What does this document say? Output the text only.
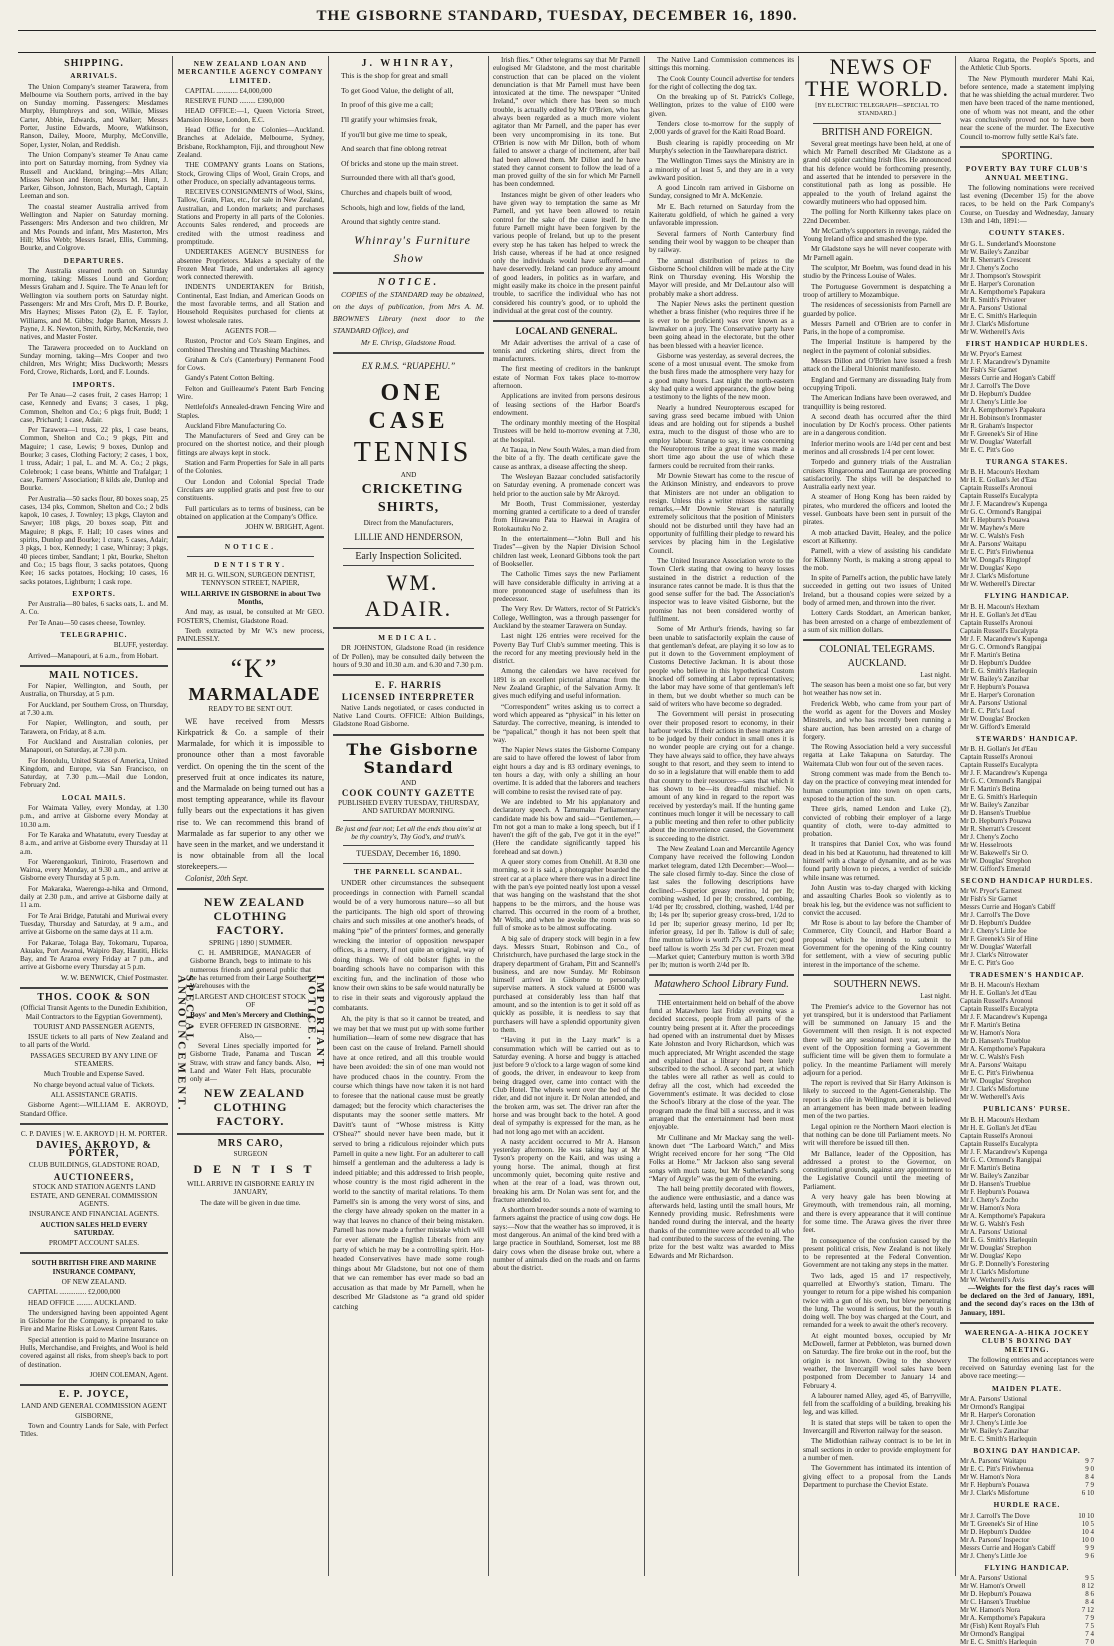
THE GISBORNE STANDARD, TUESDAY, DECEMBER 16, 1890.

SHIPPING.

ARRIVALS.

The Union Company's steamer Tarawera, from Melbourne via Southern ports, arrived in the bay on Sunday morning. Passengers: Mesdames Murphy, Humphreys and son, Wilkie, Misses Carter, Abbie, Edwards, and Walker; Messrs Porter, Justine Edwards, Moore, Watkinson, Ranson, Dailey, Moore, Murphy, McConville, Soper, Lyster, Nolan, and Reddish.

The Union Company's steamer Te Anau came into port on Saturday morning, from Sydney via Russell and Auckland, bringing:—Mrs Allan; Misses Nelson and Heron; Messrs M. Hunt, J. Parker, Gibson, Johnston, Bach, Murtagh, Captain Leeman and son.

The coastal steamer Australia arrived from Wellington and Napier on Saturday morning. Passengers: Mrs Anderson and two children, Mr and Mrs Pounds and infant, Mrs Masterton, Mrs Hill; Miss Webb; Messrs Israel, Ellis, Cumming, Bourke, and Colgrove.

DEPARTURES.

The Australia steamed north on Saturday morning, taking: Misses Lound and Gordon; Messrs Graham and J. Squire. The Te Anau left for Wellington via southern ports on Saturday night. Passengers: Mr and Mrs Croft, Mrs D. P. Bourke, Mrs Haynes; Misses Paton (2), E. F. Taylor, Williams, and M. Gibbs; Judge Barton, Messrs J. Payne, J. K. Newton, Smith, Kirby, McKenzie, two natives, and Master Foster.

The Tarawera proceeded on to Auckland on Sunday morning, taking—Mrs Cooper and two children, Mrs Wright; Miss Duckworth; Messrs Ford, Crowe, Richards, Lord, and F. Lounds.

IMPORTS.

Per Te Anau—2 cases fruit, 2 cases Harrop; 1 case, Kennedy and Evans; 3 cases, 1 pkg, Common, Shelton and Co.; 6 pkgs fruit, Budd; 1 case, Prichard; 1 case, Adair.

Per Tarawera—1 truss, 22 pks, 1 case beans, Common, Shelton and Co.; 9 pkgs, Pitt and Maguire; 1 case, Lewis; 9 boxes, Dunlop and Bourke; 3 cases, Clothing Factory; 2 cases, 1 box, 1 truss, Adair; 1 pal, L. and M. A. Co.; 2 pkgs, Colebrook; 1 case beans, Whittle and Trafalgar; 1 case, Farmers' Association; 8 kilds ale, Dunlop and Bourke.

Per Australia—50 sacks flour, 80 boxes soap, 25 cases, 134 pks, Common, Shelton and Co.; 2 bdls kapok, 10 cases, J. Townley; 13 pkgs, Clayton and Sawyer; 108 pkgs, 20 boxes soap, Pitt and Maguire; 8 pkgs, F. Hall; 10 cases wines and spirits, Dunlop and Bourke; 1 crate, 5 cases, Adair; 3 pkgs, 1 box, Kennedy; 1 case, Whinray; 3 pkgs, 40 pieces timber, Sandlant; 1 pkt, Bourke, Shelton and Co.; 15 bags flour, 3 sacks potatoes, Quong Kee; 16 sacks potatoes, Hocking; 10 cases, 16 sacks potatoes, Lightburn; 1 cask rope.

EXPORTS.

Per Australia—80 bales, 6 sacks oats, L. and M. A. Co.

Per Te Anau—50 cases cheese, Townley.

TELEGRAPHIC.

BLUFF, yesterday.

Arrived—Manapouri, at 6 a.m., from Hobart.

MAIL NOTICES.

For Napier, Wellington, and South, per Australia, on Thursday, at 5 p.m.

For Auckland, per Southern Cross, on Thursday, at 7.30 a.m.

For Napier, Wellington, and south, per Tarawera, on Friday, at 8 a.m.

For Auckland and Australian colonies, per Manapouri, on Saturday, at 7.30 p.m.

For Honolulu, United States of America, United Kingdom, and Europe, via San Francisco, on Saturday, at 7.30 p.m.—Mail due London, February 2nd.

LOCAL MAILS.

For Waimata Valley, every Monday, at 1.30 p.m., and arrive at Gisborne every Monday at 10.30 a.m.

For Te Karaka and Whatatutu, every Tuesday at 8 a.m., and arrive at Gisborne every Thursday at 11 a.m.

For Waerengaokuri, Tiniroto, Frasertown and Wairoa, every Monday, at 9.30 a.m., and arrive at Gisborne every Thursday at 5 p.m.

For Makaraka, Waerenga-a-hika and Ormond, daily at 2.30 p.m., and arrive at Gisborne daily at 11 a.m.

For Te Arai Bridge, Patutahi and Muriwai every Tuesday, Thursday and Saturday, at 9 a.m., and arrive at Gisborne on the same days at 11 a.m.

For Pakarae, Tolaga Bay, Tokomaru, Tuparoa, Akuaku, Port Awanui, Waipiro Bay, Hautiti, Hicks Bay, and Te Araroa every Friday at 7 p.m., and arrive at Gisborne every Thursday at 5 p.m.

W. W. BENWICK, Chief Postmaster.

THOS. COOK & SON

(Official Transit Agents to the Dunedin Exhibition, Mail Contractors to the Egyptian Government),

TOURIST AND PASSENGER AGENTS,

ISSUE tickets to all parts of New Zealand and to all parts of the World.

PASSAGES SECURED BY ANY LINE OF STEAMERS.

Much Trouble and Expense Saved.

No charge beyond actual value of Tickets.

ALL ASSISTANCE GRATIS.

Gisborne Agent:—WILLIAM E. AKROYD, Standard Office.

C. P. DAVIES | W. E. AKROYD | H. M. PORTER.

DAVIES, AKROYD, & PORTER,

CLUB BUILDINGS, GLADSTONE ROAD,

AUCTIONEERS,

STOCK AND STATION AGENTS LAND ESTATE, AND GENERAL COMMISSION AGENTS.

INSURANCE AND FINANCIAL AGENTS.

AUCTION SALES HELD EVERY SATURDAY.

PROMPT ACCOUNT SALES.

SOUTH BRITISH FIRE AND MARINE INSURANCE COMPANY,

OF NEW ZEALAND.

CAPITAL ............... £2,000,000

HEAD OFFICE ......... AUCKLAND.

The undersigned having been appointed Agent in Gisborne for the Company, is prepared to take Fire and Marine Risks at Lowest Current Rates.

Special attention is paid to Marine Insurance on Hulls, Merchandise, and Freights, and Wool is held covered against all risks, from sheep's back to port of destination.

JOHN COLEMAN, Agent.

E. P. JOYCE,

LAND AND GENERAL COMMISSION AGENT

GISBORNE,

Town and Country Lands for Sale, with Perfect Titles.

NEW ZEALAND LOAN AND MERCANTILE AGENCY COMPANY LIMITED.

CAPITAL ............ £4,000,000

RESERVE FUND ......... £390,000

HEAD OFFICE:—1, Queen Victoria Street, Mansion House, London, E.C.

Head Office for the Colonies—Auckland. Branches at Adelaide, Melbourne, Sydney, Brisbane, Rockhampton, Fiji, and throughout New Zealand.

THE COMPANY grants Loans on Stations, Stock, Growing Clips of Wool, Grain Crops, and other Produce, on specially advantageous terms.

RECEIVES CONSIGNMENTS of Wool, Skins, Tallow, Grain, Flax, etc., for sale in New Zealand, Australian, and London markets; and purchases Stations and Property in all parts of the Colonies. Accounts Sales rendered, and proceeds are credited with the utmost readiness and promptitude.

UNDERTAKES AGENCY BUSINESS for absentee Proprietors. Makes a specialty of the Frozen Meat Trade, and undertakes all agency work connected therewith.

INDENTS UNDERTAKEN for British, Continental, East Indian, and American Goods on the most favorable terms, and all Station and Household Requisites purchased for clients at lowest wholesale rates.

AGENTS FOR—

Ruston, Proctor and Co's Steam Engines, and combined Threshing and Thrashing Machines.

Graham & Co's (Canterbury) Permanent Food for Cows.

Gandy's Patent Cotton Belting.

Felton and Guilleaume's Patent Barb Fencing Wire.

Nettlefold's Annealed-drawn Fencing Wire and Staples.

Auckland Fibre Manufacturing Co.

The Manufacturers of Seed and Grey can be procured on the shortest notice, and their plough fittings are always kept in stock.

Station and Farm Properties for Sale in all parts of the Colonies.

Our London and Colonial Special Trade Circulars are supplied gratis and post free to our constituents.

Full particulars as to terms of business, can be obtained on application at the Company's Office.

JOHN W. BRIGHT, Agent.

NOTICE.

DENTISTRY.

MR H. G. WILSON, SURGEON DENTIST, TENNYSON STREET, NAPIER,

WILL ARRIVE IN GISBORNE in about Two Months,

And may, as usual, be consulted at Mr GEO. FOSTER'S, Chemist, Gladstone Road.

Teeth extracted by Mr W.'s new process, PAINLESSLY.

“K”

MARMALADE

READY TO BE SENT OUT.

WE have received from Messrs Kirkpatrick & Co. a sample of their Marmalade, for which it is impossible to pronounce other than a most favorable verdict. On opening the tin the scent of the preserved fruit at once indicates its nature, and the Marmalade on being turned out has a most tempting appearance, while its flavour fully bears out the expectations it has given rise to. We can recommend this brand of Marmalade as far superior to any other we have seen in the market, and we understand it is now obtainable from all the local storekeepers.—

Colonist, 20th Sept.

SPECIAL ANNOUNCEMENT.	IMPORTANT NOTICE.

NEW ZEALAND CLOTHING FACTORY.

SPRING | 1890 | SUMMER.

C. H. AMBRIDGE, MANAGER of Gisborne Branch, begs to intimate to his numerous friends and general public that he has returned from their Large Southern Warehouses with the

LARGEST AND CHOICEST STOCK OF

Boys' and Men's Mercery and Clothing

EVER OFFERED IN GISBORNE.

Also,—

Several Lines specially imported for Gisborne Trade, Panama and Tuscan Straw, with straw and fancy bands. Also, Land and Water Felt Hats, procurable only at—

NEW ZEALAND CLOTHING FACTORY.

MRS CARO,

SURGEON

D E N T I S T

WILL ARRIVE IN GISBORNE EARLY IN JANUARY,

The date will be given in due time.

J. WHINRAY,

This is the shop for great and small

To get Good Value, the delight of all,

In proof of this give me a call;

I'll gratify your whimsies freak,

If you'll but give me time to speak,

And search that fine oblong retreat

Of bricks and stone up the main street.

Surrounded there with all that's good,

Churches and chapels built of wood,

Schools, high and low, fields of the land,

Around that sightly centre stand.

Whinray's Furniture Show

NOTICE.

COPIES of the STANDARD may be obtained, on the days of publication, from Mrs A. M. BROWNE'S Library (next door to the STANDARD Office), and

Mr E. Chrisp, Gladstone Road.

EX R.M.S. “RUAPEHU.”

ONE CASE

TENNIS

AND

CRICKETING SHIRTS,

Direct from the Manufacturers,

LILLIE AND HENDERSON,

Early Inspection Solicited.

WM. ADAIR.

MEDICAL.

DR JOHNSTON, Gladstone Road (in residence of Dr Pollen), may be consulted daily between the hours of 9.30 and 10.30 a.m. and 6.30 and 7.30 p.m.

E. F. HARRIS

LICENSED INTERPRETER

Native Lands negotiated, or cases conducted in Native Land Courts. OFFICE: Albion Buildings, Gladstone Road Gisborne.

The Gisborne Standard

AND

COOK COUNTY GAZETTE

PUBLISHED EVERY TUESDAY, THURSDAY, AND SATURDAY MORNING.

Be just and fear not; Let all the ends thou aim'st at be thy country's, Thy God's, and truth's.

TUESDAY, December 16, 1890.

THE PARNELL SCANDAL.

UNDER other circumstances the subsequent proceedings in connection with Parnell scandal would be of a very humorous nature—so all but the participants. The high old sport of throwing chairs and such missiles at one another's heads, of making “pie” of the printers' formes, and generally wrecking the interior of opposition newspaper offices, is a merry, if not quite an original, way of doing things. We of old bolster fights in the boarding schools have no comparison with this exciting fun, and the inclination of those who know their own skins to be safe would naturally be to rise in their seats and vigorously applaud the combatants.

Ah, the pity is that so it cannot be treated, and we may bet that we must put up with some further humiliation—learn of some new disgrace that has been cast on the cause of Ireland. Parnell should have at once retired, and all this trouble would have been avoided: the sin of one man would not have produced chaos in the country. From the course which things have now taken it is not hard to foresee that the national cause must be greatly damaged; but the ferocity which characterises the disputants may the sooner settle matters. Mr Davitt's taunt of “Whose mistress is Kitty O'Shea?” should never have been made, but it served to bring a ridiculous rejoinder which puts Parnell in quite a new light. For an adulterer to call himself a gentleman and the adulteress a lady is indeed pitiable; and this addressed to Irish people, whose country is the most rigid adherent in the world to the sanctity of marital relations. To them Parnell's sin is among the very worst of sins, and the clergy have already spoken on the matter in a way that leaves no chance of their being mistaken. Parnell has now made a further mistake which will for ever alienate the English Liberals from any party of which he may be a controlling spirit. Hot-headed Conservatives have made some rough things about Mr Gladstone, but not one of them that we can remember has ever made so bad an accusation as that made by Mr Parnell, when he described Mr Gladstone as “a grand old spider catching

Irish flies.” Other telegrams say that Mr Parnell eulogised Mr Gladstone, and the most charitable construction that can be placed on the violent denunciation is that Mr Parnell must have been intoxicated at the time. The newspaper “United Ireland,” over which there has been so much trouble, is actually edited by Mr O'Brien, who has always been regarded as a much more violent agitator than Mr Parnell, and the paper has ever been very uncompromising in its tone. But O'Brien is now with Mr Dillon, both of whom failed to answer a charge of incitement, after bail had been allowed them. Mr Dillon and he have stated they cannot consent to follow the lead of a man proved guilty of the sin for which Mr Parnell has been condemned.

Instances might be given of other leaders who have given way to temptation the same as Mr Parnell, and yet have been allowed to retain control for the sake of the cause itself. In the future Parnell might have been forgiven by the various people of Ireland, but up to the present every step he has taken has helped to wreck the Irish cause, whereas if he had at once resigned only the individuals would have suffered—and have deservedly. Ireland can produce any amount of good leaders, in politics as in warfare, and might easily make its choice in the present painful trouble, to sacrifice the individual who has not considered his country's good, or to uphold the individual at the great cost of the country.

LOCAL AND GENERAL.

Mr Adair advertises the arrival of a case of tennis and cricketing shirts, direct from the manufacturers.

The first meeting of creditors in the bankrupt estate of Norman Fox takes place to-morrow afternoon.

Applications are invited from persons desirous of leasing sections of the Harbor Board's endowment.

The ordinary monthly meeting of the Hospital Trustees will be held to-morrow evening at 7.30, at the hospital.

At Tauaa, in New South Wales, a man died from the bite of a fly. The death certificate gave the cause as anthrax, a disease affecting the sheep.

The Wesleyan Bazaar concluded satisfactorily on Saturday evening. A promenade concert was held prior to the auction sale by Mr Akroyd.

Mr Booth, Trust Commissioner, yesterday morning granted a certificate to a deed of transfer from Hirawanu Pata to Haewai in Aragira of Rotokautuku No 2.

In the entertainment—“John Bull and his Trades”—given by the Napier Division School children last week, Leonard Gibbons took the part of Bookseller.

The Catholic Times says the new Parliament will have considerable difficulty in arriving at a more pronounced stage of usefulness than its predecessor.

The Very Rev. Dr Watters, rector of St Patrick's College, Wellington, was a through passenger for Auckland by the steamer Tarawera on Sunday.

Last night 126 entries were received for the Poverty Bay Turf Club's summer meeting. This is the record for any meeting previously held in the district.

Among the calendars we have received for 1891 is an excellent pictorial almanac from the New Zealand Graphic, of the Salvation Army. It gives much edifying and useful information.

“Correspondent” writes asking us to correct a word which appeared as “physical” in his letter on Saturday. The corrective, meaning, is intended to be “papalical,” though it has not been spelt that way.

The Napier News states the Gisborne Company are said to have offered the lowest of labor from eight hours a day and is 83 ordinary evenings, to ten hours a day, with only a shilling an hour overtime. It is added that the laborers and teachers will combine to resist the revised rate of pay.

We are indebted to Mr his applanatory and declaratory speech. A Tamumaku Parliamentary candidate made his bow and said—“Gentlemen,—I'm not got a man to make a long speech, but if I haven't the gift of the gab, I've got it in the eye!” (Here the candidate significantly tapped his forehead and sat down.)

A queer story comes from Onehill. At 8.30 one morning, so it is said, a photographer boarded the street car at a place where there was in a direct line with the pan's eye pointed neatly lost upon a vessel that was hanging on the washstand that the shot happens to be the mirrors, and the house was charred. This occurred in the room of a brother, Mr Wells, and when he awoke the room was so full of smoke as to be almost suffocating.

A big sale of drapery stock will begin in a few days. Messrs Stuart, Robinson and Co., of Christchurch, have purchased the large stock in the drapery department of Graham, Pitt and Scannell's business, and are now Sunday. Mr Robinson himself arrived in Gisborne to personally supervise matters. A stock valued at £6000 was purchased at considerably less than half that amount, and so the intention is to get it sold off as quickly as possible, it is needless to say that purchasers will have a splendid opportunity given to them.

“Having it put in the Lazy mark” is a consummation which will be carried out as to Saturday evening. A horse and buggy is attached just before 9 o'clock to a large wagon of some kind of goods, the driver, in endeavour to keep from being dragged over, came into contact with the Club Hotel. The wheels went over the bed of the rider, and did not injure it. Dr Nolan attended, and the broken arm, was set. The driver ran after the horse and was brought back to the hotel. A good deal of sympathy is expressed for the man, as he had not long ago met with an accident.

A nasty accident occurred to Mr A. Hanson yesterday afternoon. He was taking hay at Mr Tyson's property on the Kaiti, and was using a young horse. The animal, though at first uncommonly quiet, becoming quite restive and when at the rear of a load, was thrown out, breaking his arm. Dr Nolan was sent for, and the fracture attended to.

A shorthorn breeder sounds a note of warning to farmers against the practice of using cow dogs. He says:—Now that the weather has so improved, it is most dangerous. An animal of the kind bred with a large practice in Southland, Somerset, lost me 88 dairy cows when the disease broke out, where a number of animals died on the roads and on farms about the district.

The Native Land Commission commences its sittings this morning.

The Cook County Council advertise for tenders for the right of collecting the dog tax.

On the breaking up of St. Patrick's College, Wellington, prizes to the value of £100 were given.

Tenders close to-morrow for the supply of 2,000 yards of gravel for the Kaiti Road Board.

Bush clearing is rapidly proceeding on Mr Murphy's selection in the Tauwharepara district.

The Wellington Times says the Ministry are in a minority of at least 5, and they are in a very awkward position.

A good Lincoln ram arrived in Gisborne on Sunday, consigned to Mr A. McKenzie.

Mr E. Bach returned on Saturday from the Kaiteratu goldfield, of which he gained a very unfavorable impression.

Several farmers of North Canterbury find sending their wool by waggon to be cheaper than by railway.

The annual distribution of prizes to the Gisborne School children will be made at the City Rink on Thursday evening. His Worship the Mayor will preside, and Mr DeLautour also will probably make a short address.

The Napier News asks the pertinent question whether a brass finisher (who requires three if he is ever to be proficient) was ever known as a lawmaker on a jury. The Conservative party have been going ahead in the electorate, but the other has been blessed with a heavier licence.

Gisborne was yesterday, as several decrees, the scene of a most unusual event. The smoke from the bush fires made the atmosphere very hazy for a good many hours. Last night the north-eastern sky had quite a weird appearance, the glow being a testimony to the lights of the new moon.

Nearly a hundred Neuropterous escaped for saving grass seed became imbued with Union ideas and are holding out for stipends a bushel extra, much to the disgust of those who are to employ labour. Strange to say, it was concerning the Neuropterous tribe a great time was made a short time ago about the use of which these farmers could be recruited from their ranks.

Mr Downie Stewart has come to the rescue of the Atkinson Ministry, and endeavors to prove that Ministers are not under an obligation to resign. Unless this a writer misses the startling remarks,—Mr Downie Stewart is naturally extremely solicitous that the position of Ministers should not be disturbed until they have had an opportunity of fulfilling their pledge to reward his services by placing him in the Legislative Council.

The United Insurance Association wrote to the Town Clerk stating that owing to heavy losses sustained in the district a reduction of the insurance rates cannot be made. It is thus that the good sense suffer for the bad. The Association's inspector was to leave visited Gisborne, but the promise has not been considered worthy of fulfilment.

Some of Mr Arthur's friends, having so far been unable to satisfactorily explain the cause of that gentleman's defeat, are playing it so low as to put it down to the Government employment of Customs Detective Jackman. It is about those people who believe in this hypothetical Custom knocked off something at Labor representatives; the labor may have some of that gentleman's left in them, but we doubt whether so much can be said of writers who have become so degraded.

The Government will persist in prosecuting over their proposed resort to economy, in their harbour works. If their actions in these matters are to be judged by their conduct in small ones it is no wonder people are crying out for a change. They have always said to office, they have always sought to that resort, and they seem to intend to do so in a legislature that will enable them to add that country to their resources—sans that which it has shown to be—its dreadful mischief. No amount of any kind in regard to the report was received by yesterday's mail. If the hunting game continues much longer it will be necessary to call a public meeting and then refer to other publicity about the inconvenience caused, the Government is succeeding to the district.

The New Zealand Loan and Mercantile Agency Company have received the following London market telegram, dated 12th December:—Wool—The sale closed firmly to-day. Since the close of last sales the following descriptions have declined:—Superior greasy merino, 1d per lb; combing washed, 1d per lb; crossbred, combing, 1/4d per lb; crossbred, clothing, washed, 1/4d per lb; 14s per lb; superior greasy cross-bred, 1/2d to 1d per lb; superior greasy merino, 1d per lb; inferior greasy, 1d per lb. Tallow is dull of sale; fine mutton tallow is worth 27s 3d per cwt; good beef tallow is worth 25s 3d per cwt. Frozen meat—Market quiet; Canterbury mutton is worth 3/8d per lb; mutton is worth 2/4d per lb.

Matawhero School Library Fund.

THE entertainment held on behalf of the above fund at Matawhero last Friday evening was a decided success, people from all parts of the country being present at it. After the proceedings had opened with an instrumental duet by Misses Kate Johnston and Ivory Richardson, which was much appreciated, Mr Wright ascended the stage and explained that a library had been lately subscribed to the school. A second part, at which the tables were all rather as well as could to defray all the cost, which had exceeded the Government's estimate. It was decided to close the School's library at the close of the year. The program made the final bill a success, and it was arranged that the entertainment had been most enjoyable.

Mr Cullinane and Mr Mackay sang the well-known duet “The Larboard Watch,” and Miss Wright received encore for her song “The Old Folks at Home.” Mr Jackson also sang several songs with much taste, but Mr Sutherland's song “Mary of Argyle” was the gem of the evening.

The hall being prettily decorated with flowers, the audience were enthusiastic, and a dance was afterwards held, lasting until the small hours, Mr Kennedy providing music. Refreshments were handed round during the interval, and the hearty thanks of the committee were accorded to all who had contributed to the success of the evening. The prize for the best waltz was awarded to Miss Edwards and Mr Richardson.

NEWS OF THE WORLD.

[BY ELECTRIC TELEGRAPH—SPECIAL TO STANDARD.]

BRITISH AND FOREIGN.

Several great meetings have been held, at one of which Mr Parnell described Mr Gladstone as a grand old spider catching Irish flies. He announced that his defence would be forthcoming presently, and asserted that he intended to persevere in the constitutional path as long as possible. He appealed to the youth of Ireland against the cowardly mutineers who had opposed him.

The polling for North Kilkenny takes place on 22nd December.

Mr McCarthy's supporters in revenge, raided the Young Ireland office and smashed the type.

Mr Gladstone says he will never cooperate with Mr Parnell again.

The sculptor, Mr Boehm, was found dead in his studio by the Princess Louise of Wales.

The Portuguese Government is despatching a troop of artillery to Mozambique.

The residences of secessionists from Parnell are guarded by police.

Messrs Parnell and O'Brien are to confer in Paris, in the hope of a compromise.

The Imperial Institute is hampered by the neglect in the payment of colonial subsidies.

Messrs Dillon and O'Brien have issued a fresh attack on the Liberal Unionist manifesto.

England and Germany are dissuading Italy from occupying Tripoli.

The American Indians have been overawed, and tranquillity is being restored.

A second death has occurred after the third inoculation by Dr Koch's process. Other patients are in a dangerous condition.

Inferior merino wools are 1/4d per cent and best merinos and all crossbreds 1/4 per cent lower.

Torpedo and gunnery trials of the Australian cruisers Ringarooma and Tauranga are proceeding satisfactorily. The ships will be despatched to Australia early next year.

A steamer of Hong Kong has been raided by pirates, who murdered the officers and looted the vessel. Gunboats have been sent in pursuit of the pirates.

A mob attacked Davitt, Healey, and the police escort at Kilkenny.

Parnell, with a view of assisting his candidate for Kilkenny North, is making a strong appeal to the mob.

In spite of Parnell's action, the public have lately succeeded in getting out two issues of United Ireland, but a thousand copies were seized by a body of armed men, and thrown into the river.

Lottery Cards Stoddart, an American banker, has been arrested on a charge of embezzlement of a sum of six million dollars.

COLONIAL TELEGRAMS.

AUCKLAND.

Last night.

The season has been a moist one so far, but very hot weather has now set in.

Frederick Webb, who came from your part of the world as agent for the Dovers and Mosley Minstrels, and who has recently been running a share auction, has been arrested on a charge of forgery.

The Rowing Association held a very successful regatta at Lake Takapuna on Saturday. The Waitemata Club won four out of the seven races.

Strong comment was made from the Bench to-day on the practice of conveying meat intended for human consumption into town on open carts, exposed to the action of the sun.

Three girls, named Lendon and Luke (2), convicted of robbing their employer of a large quantity of cloth, were to-day admitted to probation.

It transpires that Daniel Cox, who was found dead in his bed at Kauotunu, had threatened to kill himself with a charge of dynamite, and as he was found partly blown to pieces, a verdict of suicide while insane was returned.

John Austin was to-day charged with kicking and assaulting Charles Book so violently as to break his leg, but the evidence was not sufficient to convict the accused.

Mr Rose is about to lay before the Chamber of Commerce, City Council, and Harbor Board a proposal which he intends to submit to Government for the opening of the King country for settlement, with a view of securing public interest in the importance of the scheme.

SOUTHERN NEWS.

Last night.

The Premier's advice to the Governor has not yet transpired, but it is understood that Parliament will be summoned on January 15 and the Government will then resign. It is not expected there will be any sessional next year, as in the event of the Opposition forming a Government sufficient time will be given them to formulate a policy. In the meantime Parliament will merely adjourn for a period.

The report is revived that Sir Harry Atkinson is likely to succeed to the Agent-Generalship. The report is also rife in Wellington, and it is believed an arrangement has been made between leading men of the two parties.

Legal opinion re the Northern Maori election is that nothing can be done till Parliament meets. No writ will therefore be issued till then.

Mr Ballance, leader of the Opposition, has addressed a protest to the Governor, on constitutional grounds, against any appointment to the Legislative Council until the meeting of Parliament.

A very heavy gale has been blowing at Greymouth, with tremendous rain, all morning, and there is every appearance that it will continue for some time. The Arawa gives the river three feet.

In consequence of the confusion caused by the present political crisis, New Zealand is not likely to be represented at the Federal Convention. Government are not taking any steps in the matter.

Two lads, aged 15 and 17 respectively, quarrelled at Elworthy's station, Timaru. The younger to return for a pipe wished his companion twice with a gun of his own, but blew penetrating the lung. The wound is serious, but the youth is doing well. The boy was charged at the Court, and remanded for a week to await the other's recovery.

At eight mounted boxes, occupied by Mr McDowell, farmer at Pebbleton, was burned down on Saturday. The fire broke out in the roof, but the origin is not known. Owing to the showery weather, the Invercargill wool sales have been postponed from December to January 14 and February 4.

A labourer named Alley, aged 45, of Barryville, fell from the scaffolding of a building, breaking his leg, and was killed.

It is stated that steps will be taken to open the Invercargill and Riverton railway for the season.

The Midlothian railway contract is to be let in small sections in order to provide employment for a number of men.

The Government has intimated its intention of giving effect to a proposal from the Lands Department to purchase the Cheviot Estate.

Akaroa Regatta, the People's Sports, and the Athletic Club Sports.

The New Plymouth murderer Mahi Kai, before sentence, made a statement implying that he was shielding the actual murderer. Two men have been traced of the name mentioned, one of whom was not meant, and the other was conclusively proved not to have been near the scene of the murder. The Executive Council to-morrow fully settle Kai's fate.

SPORTING.

POVERTY BAY TURF CLUB'S ANNUAL MEETING.

The following nominations were received last evening (December 15) for the above races, to be held on the Park Company's Course, on Tuesday and Wednesday, January 13th and 14th, 1891:—

COUNTY STAKES.

Mr G. L. Sunderland's Moonstone
Mr W. Bailey's Zanzibar
Mr R. Sherratt's Crescent
Mr J. Cheny's Zocho
Mr J. Thompson's Stowspirit
Mr E. Harper's Coronation
Mr A. Kempthorne's Papakura
Mr R. Smith's Privateer
Mr A. Parsons' Ustional
Mr E. C. Smith's Harlequin
Mr J. Clark's Misfortune
Mr W. Wetherell's Avis

FIRST HANDICAP HURDLES.

Mr W. Pryor's Earnest
Mr J. F. Macandrew's Dynamite
Mr Fish's Sir Garnet
Messrs Currie and Hogan's Cabiff
Mr J. Carroll's The Dove
Mr D. Hepburn's Duddee
Mr J. Cheny's Little Joe
Mr A. Kempthorne's Papakura
Mr H. Bobinson's Ironmaster
Mr R. Graham's Inspector
Mr F. Greenek's Sir of Hine
Mr W. Douglas' Waterfall
Mr E. C. Pitt's Goo

TURANGA STAKES.

Mr B. H. Macoun's Hexham
Mr H. E. Gollan's Jet d'Eau
Captain Russell's Aronoui
Captain Russell's Eucalypta
Mr J. F. Macandrew's Kupenga
Mr G. C. Ormond's Rangipai
Mr F. Hepburn's Pouawa
Mr W. Mayhew's Mere
Mr W. C. Walsh's Fesh
Mr A. Parsons' Waitapu
Mr E. C. Pitt's Firiwhenua
Mr W. Dongal's Ringtopf
Mr W. Douglas' Kepo
Mr J. Clark's Misfortune
Mr W. Wetherell's Directar

FLYING HANDICAP.

Mr B. H. Macoun's Hexham
Mr H. E. Gollan's Jet d'Eau
Captain Russell's Aronoui
Captain Russell's Eucalypta
Mr J. F. Macandrew's Kupenga
Mr G. C. Ormond's Rangipai
Mr F. Martin's Betina
Mr D. Hepburn's Duddee
Mr E. G. Smith's Harlequin
Mr W. Bailey's Zanzibar
Mr F. Hepburn's Pouawa
Mr E. Harper's Coronation
Mr A. Parsons' Ustional
Mr E. C. Pitt's Leaf
Mr W. Douglas' Brocken
Mr W. Gifford's Emerald

STEWARDS' HANDICAP.

Mr B. H. Gollan's Jet d'Eau
Captain Russell's Aronoui
Captain Russell's Eucalypta
Mr J. F. Macandrew's Kupenga
Mr G. C. Ormond's Rangipai
Mr F. Martin's Betina
Mr E. G. Smith's Harlequin
Mr W. Bailey's Zanzibar
Mr D. Hansen's Trueblue
Mr D. Hepburn's Pouawa
Mr R. Sherratt's Crescent
Mr J. Cheny's Zocho
Mr W. Hesselroots
Mr W. Bakewell's Sir O.
Mr W. Douglas' Strephon
Mr W. Gifford's Emerald

SECOND HANDICAP HURDLES.

Mr W. Pryor's Earnest
Mr Fish's Sir Garnet
Messrs Currie and Hogan's Cabiff
Mr J. Carroll's The Dove
Mr D. Hepburn's Duddee
Mr J. Cheny's Little Joe
Mr F. Greenek's Sir of Hine
Mr W. Douglas' Waterfall
Mr J. Clark's Nitrowater
Mr E. C. Pitt's Goo

TRADESMEN'S HANDICAP.

Mr B. H. Macoun's Hexham
Mr H. E. Gollan's Jet d'Eau
Captain Russell's Aronoui
Captain Russell's Eucalypta
Mr J. F. Macandrew's Kupenga
Mr F. Martin's Betina
Mr W. Hamon's Nora
Mr D. Hansen's Trueblue
Mr A. Kempthorne's Papakura
Mr W. C. Walsh's Fesh
Mr A. Parsons' Waitapu
Mr E. C. Pitt's Firiwhenua
Mr W. Douglas' Strephon
Mr J. Clark's Misfortune
Mr W. Wetherell's Avis

PUBLICANS' PURSE.

Mr B. H. Macoun's Hexham
Mr H. E. Gollan's Jet d'Eau
Captain Russell's Aronoui
Captain Russell's Eucalypta
Mr J. F. Macandrew's Kupenga
Mr G. C. Ormond's Rangipai
Mr F. Martin's Betina
Mr W. Bailey's Zanzibar
Mr D. Hansen's Trueblue
Mr F. Hepburn's Pouawa
Mr J. Cheny's Zocho
Mr W. Hamon's Nora
Mr A. Kempthorne's Papakura
Mr W. G. Walsh's Fesh
Mr A. Parsons' Ustional
Mr E. G. Smith's Harlequin
Mr W. Douglas' Strephon
Mr W. Douglas' Kepo
Mr G. P. Donnelly's Forestering
Mr J. Clark's Misfortune
Mr W. Wetherell's Avis

—Weights for the first day's races will be declared on the 3rd of January, 1891, and the second day's races on the 13th of January, 1891.

WAERENGA-A-HIKA JOCKEY CLUB'S BOXING DAY MEETING.

The following entries and acceptances were received on Saturday evening last for the above race meeting:—

MAIDEN PLATE.

Mr A. Parsons' Ustional
Mr Ormond's Rangipai
Mr R. Harper's Coronation
Mr J. Cheny's Little Joe
Mr W. Bailey's Zanzibar
Mr E. C. Smith's Harlequin

BOXING DAY HANDICAP.

Mr A. Parsons' Waitapu	9 7
Mr E. C. Pitt's Firiwhenua	9 0
Mr W. Hamon's Nora	8 4
Mr F. Hepburn's Pouawa	7 9
Mr J. Clark's Misfortune	6 10

HURDLE RACE.

Mr J. Carroll's The Dove	10 10
Mr T. Greenek's Sir of Hine	10 5
Mr D. Hepburn's Duddee	10 4
Mr A. Parsons' Inspector	10 0
Messrs Currie and Hogan's Cabiff	9 9
Mr J. Cheny's Little Joe	9 6

FLYING HANDICAP.

Mr A. Parsons' Ustional	9 5
Mr W. Hamon's Orwell	8 12
Mr D. Hepburn's Pouawa	8 6
Mr C. Hansen's Trueblue	8 4
Mr W. Hamon's Nora	7 12
Mr A. Kempthorne's Papakura	7 9
Mr (Fish) Kent Royal's Fluh	7 5
Mr Ormond's Rangipai	7 4
Mr E. C. Smith's Harlequin	7 0
